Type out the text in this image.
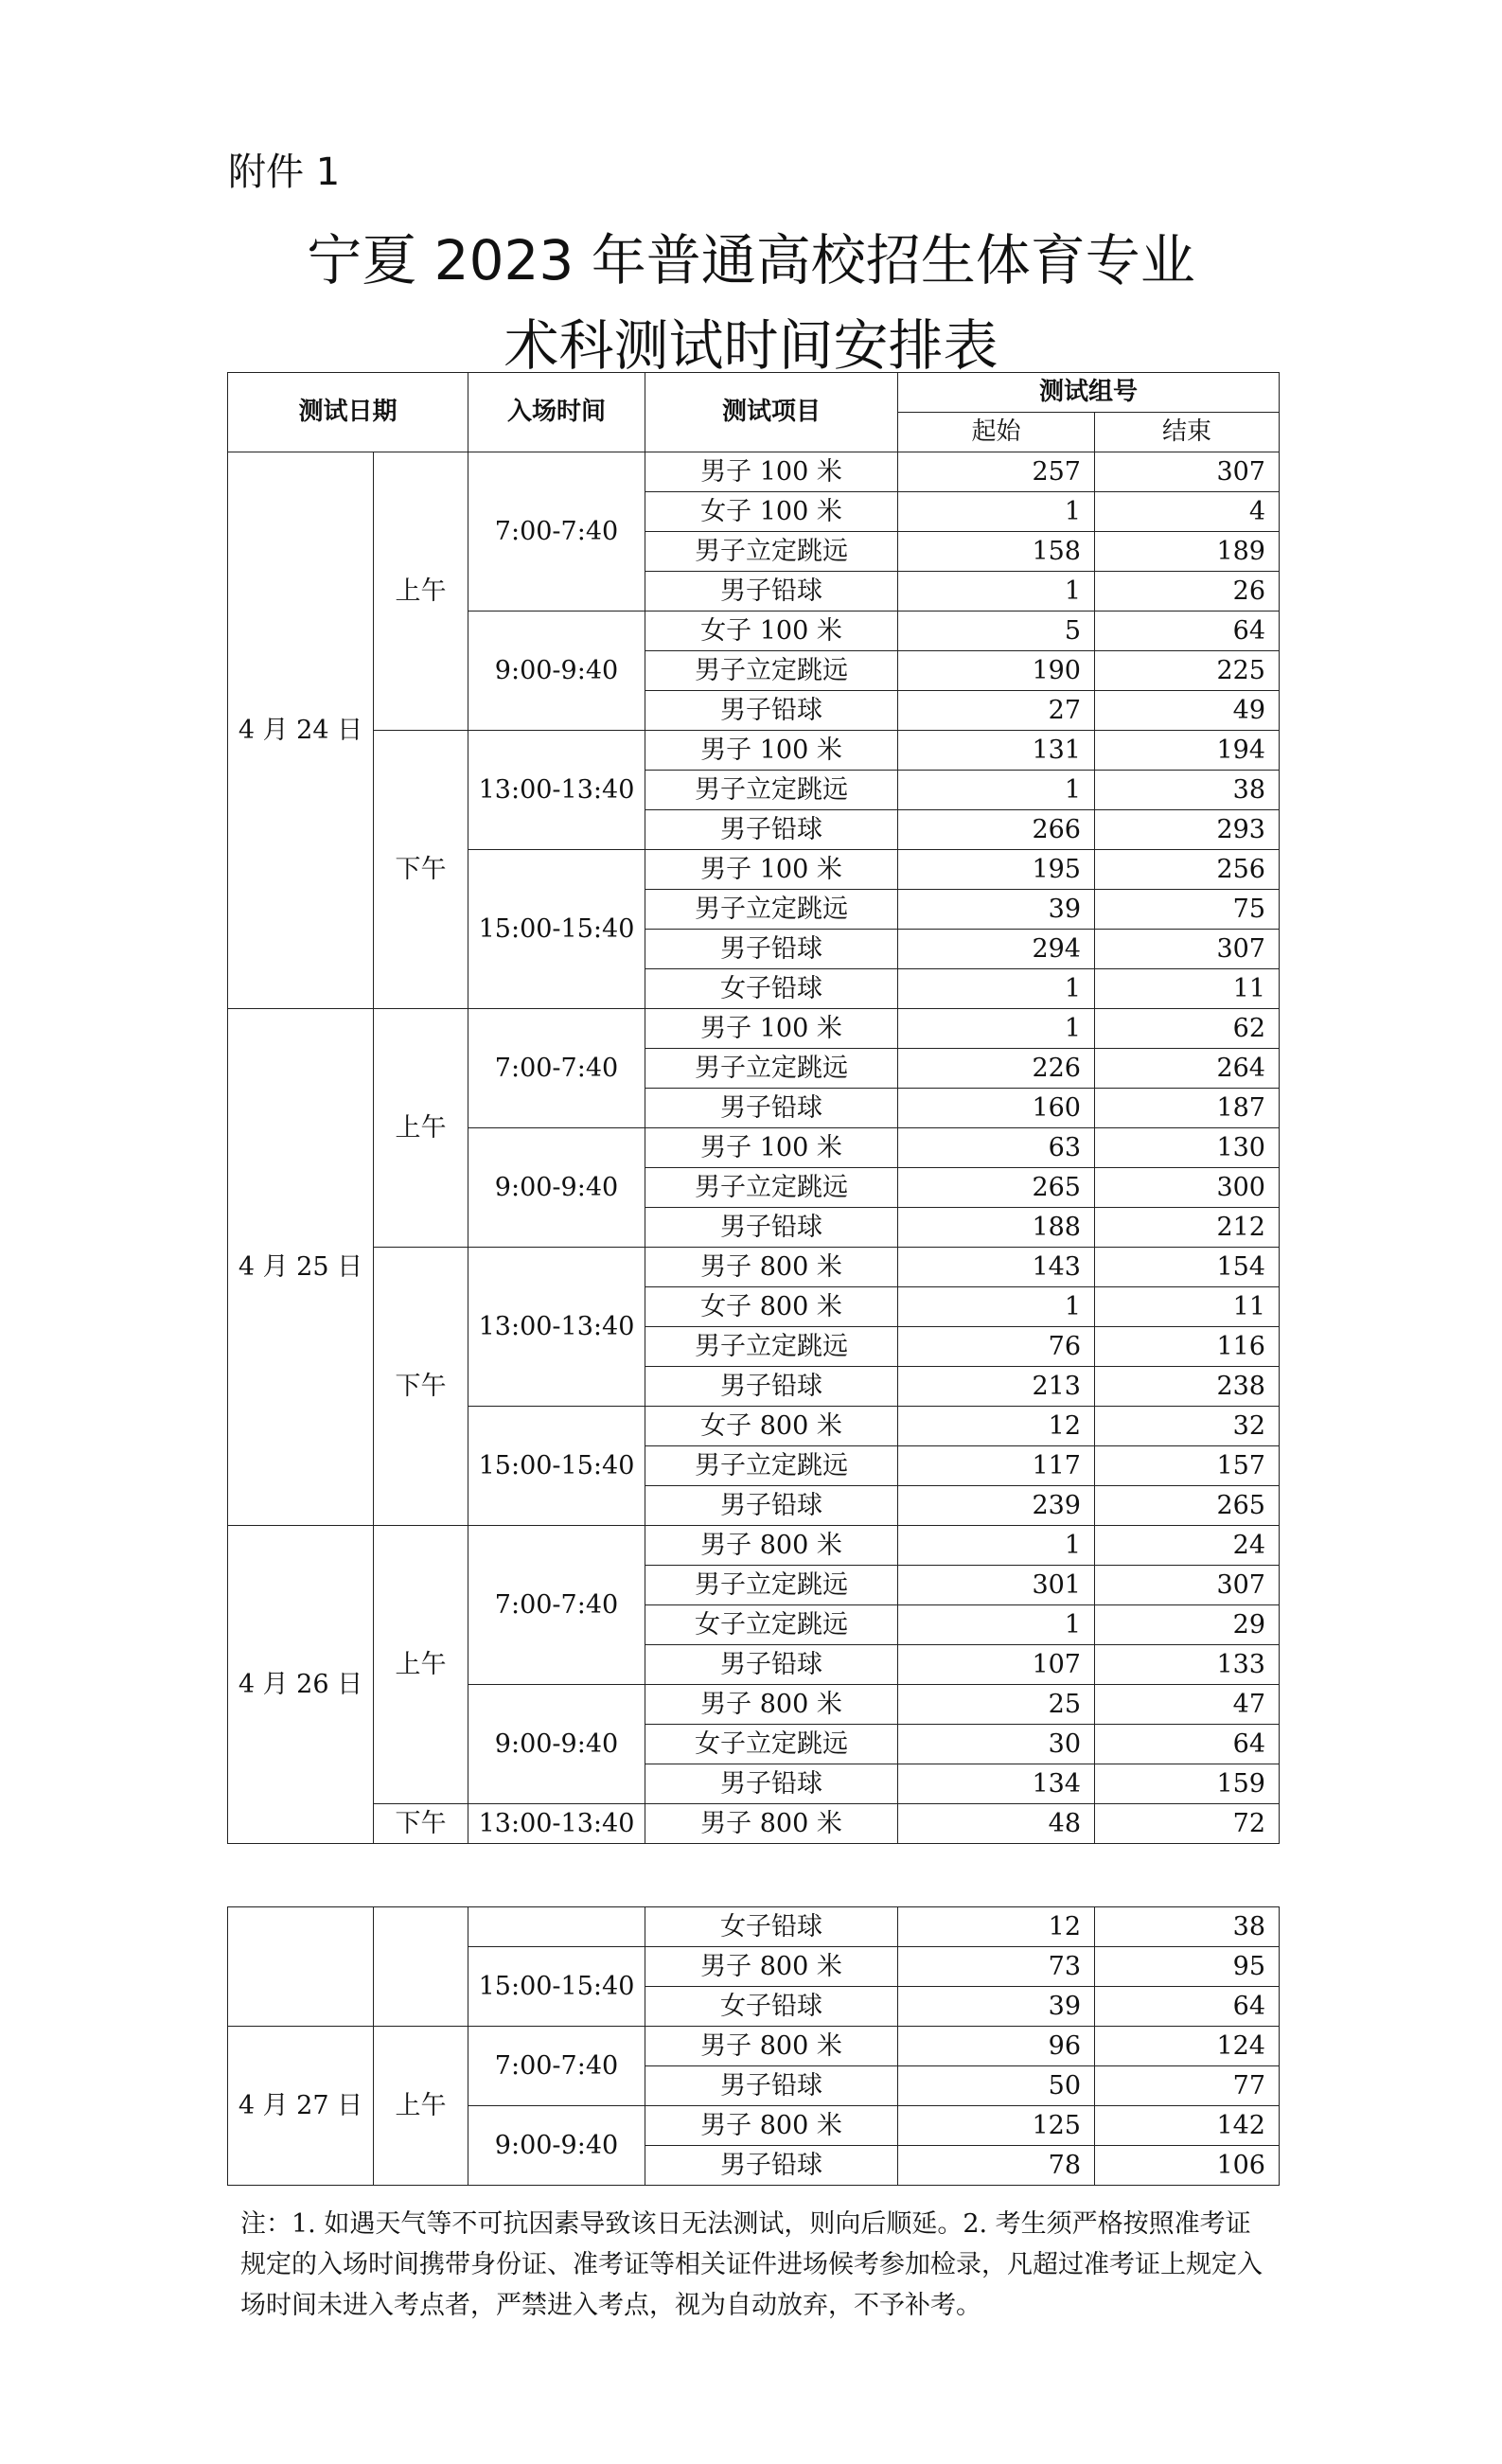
附件 1
宁夏 2023 年普通高校招生体育专业
术科测试时间安排表
测试日期		入场时间	测试项目	测试组号	
				起始	结束
4 月 24 日	上午	7:00-7:40	男子 100 米	257	307
			女子 100 米	1	4
			男子立定跳远	158	189
			男子铅球	1	26
		9:00-9:40	女子 100 米	5	64
			男子立定跳远	190	225
			男子铅球	27	49
	下午	13:00-13:40	男子 100 米	131	194
			男子立定跳远	1	38
			男子铅球	266	293
		15:00-15:40	男子 100 米	195	256
			男子立定跳远	39	75
			男子铅球	294	307
			女子铅球	1	11
4 月 25 日	上午	7:00-7:40	男子 100 米	1	62
			男子立定跳远	226	264
			男子铅球	160	187
		9:00-9:40	男子 100 米	63	130
			男子立定跳远	265	300
			男子铅球	188	212
	下午	13:00-13:40	男子 800 米	143	154
			女子 800 米	1	11
			男子立定跳远	76	116
			男子铅球	213	238
		15:00-15:40	女子 800 米	12	32
			男子立定跳远	117	157
			男子铅球	239	265
4 月 26 日	上午	7:00-7:40	男子 800 米	1	24
			男子立定跳远	301	307
			女子立定跳远	1	29
			男子铅球	107	133
		9:00-9:40	男子 800 米	25	47
			女子立定跳远	30	64
			男子铅球	134	159
	下午	13:00-13:40	男子 800 米	48	72
			女子铅球	12	38
		15:00-15:40	男子 800 米	73	95
			女子铅球	39	64
4 月 27 日	上午	7:00-7:40	男子 800 米	96	124
			男子铅球	50	77
		9:00-9:40	男子 800 米	125	142
			男子铅球	78	106
注：1. 如遇天气等不可抗因素导致该日无法测试，则向后顺延。2. 考生须严格按照准考证规定的入场时间携带身份证、准考证等相关证件进场候考参加检录，凡超过准考证上规定入场时间未进入考点者，严禁进入考点，视为自动放弃，不予补考。
